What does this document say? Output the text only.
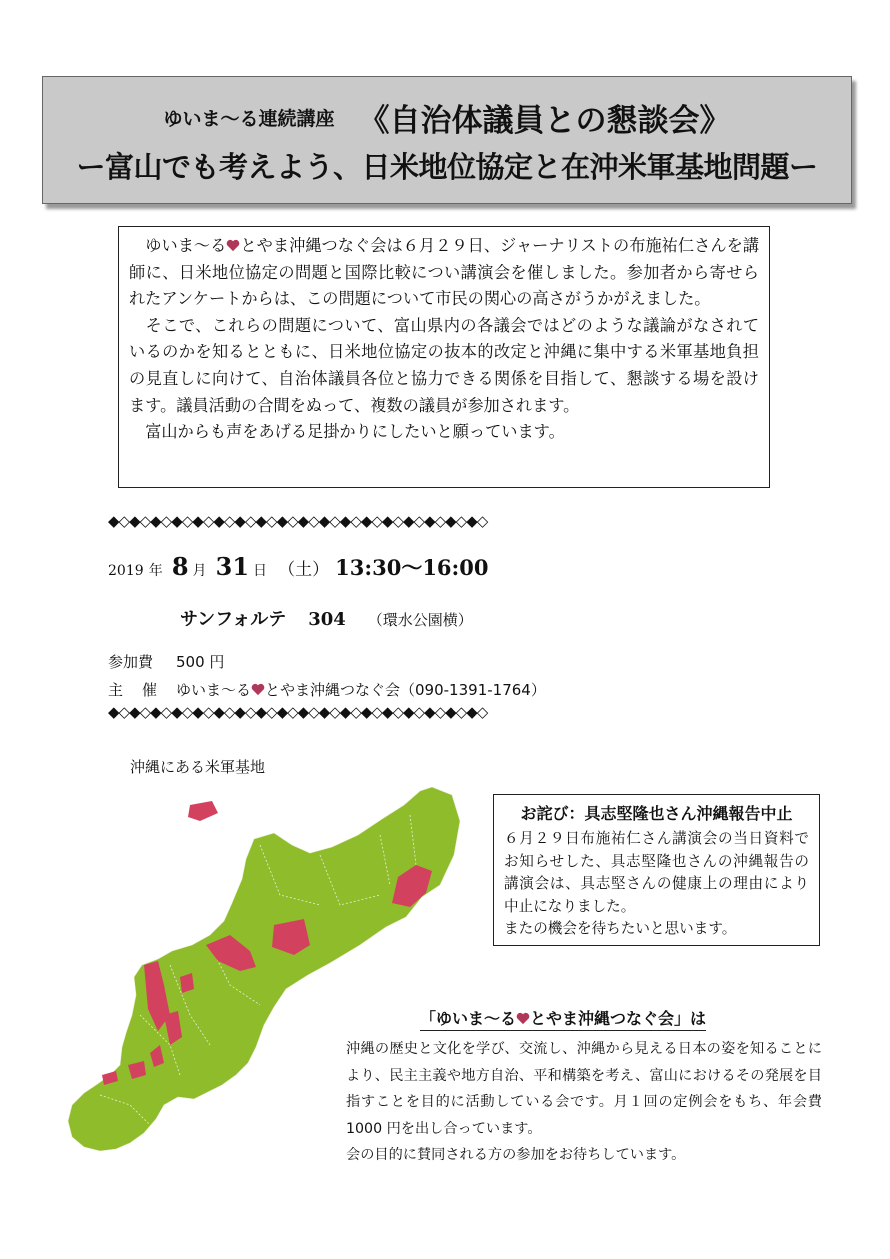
ゆいま〜る連続講座 《自治体議員との懇談会》
ー富山でも考えよう、日米地位協定と在沖米軍基地問題ー

　ゆいま〜る とやま沖縄つなぐ会は６月２９日、ジャーナリストの布施祐仁さんを講師に、日米地位協定の問題と国際比較につい講演会を催しました。参加者から寄せられたアンケートからは、この問題について市民の関心の高さがうかがえました。

　そこで、これらの問題について、富山県内の各議会ではどのような議論がなされているのかを知るとともに、日米地位協定の抜本的改定と沖縄に集中する米軍基地負担の見直しに向けて、自治体議員各位と協力できる関係を目指して、懇談する場を設けます。議員活動の合間をぬって、複数の議員が参加されます。

　富山からも声をあげる足掛かりにしたいと願っています。

◆◇◆◇◆◇◆◇◆◇◆◇◆◇◆◇◆◇◆◇◆◇◆◇◆◇◆◇◆◇◆◇◆◇◆◇
2019 年 8 月 31 日 （土） 13:30〜16:00
サンフォルテ 304 （環水公園横）
参加費 500 円
主 催 ゆいま〜る とやま沖縄つなぐ会（090-1391-1764）
◆◇◆◇◆◇◆◇◆◇◆◇◆◇◆◇◆◇◆◇◆◇◆◇◆◇◆◇◆◇◆◇◆◇◆◇
沖縄にある米軍基地
お詫び：具志堅隆也さん沖縄報告中止

６月２９日布施祐仁さん講演会の当日資料でお知らせした、具志堅隆也さんの沖縄報告の講演会は、具志堅さんの健康上の理由により中止になりました。

またの機会を待ちたいと思います。

「ゆいま〜る とやま沖縄つなぐ会」は
沖縄の歴史と文化を学び、交流し、沖縄から見える日本の姿を知ることにより、民主主義や地方自治、平和構築を考え、富山におけるその発展を目指すことを目的に活動している会です。月１回の定例会をもち、年会費 1000 円を出し合っています。
会の目的に賛同される方の参加をお待ちしています。
